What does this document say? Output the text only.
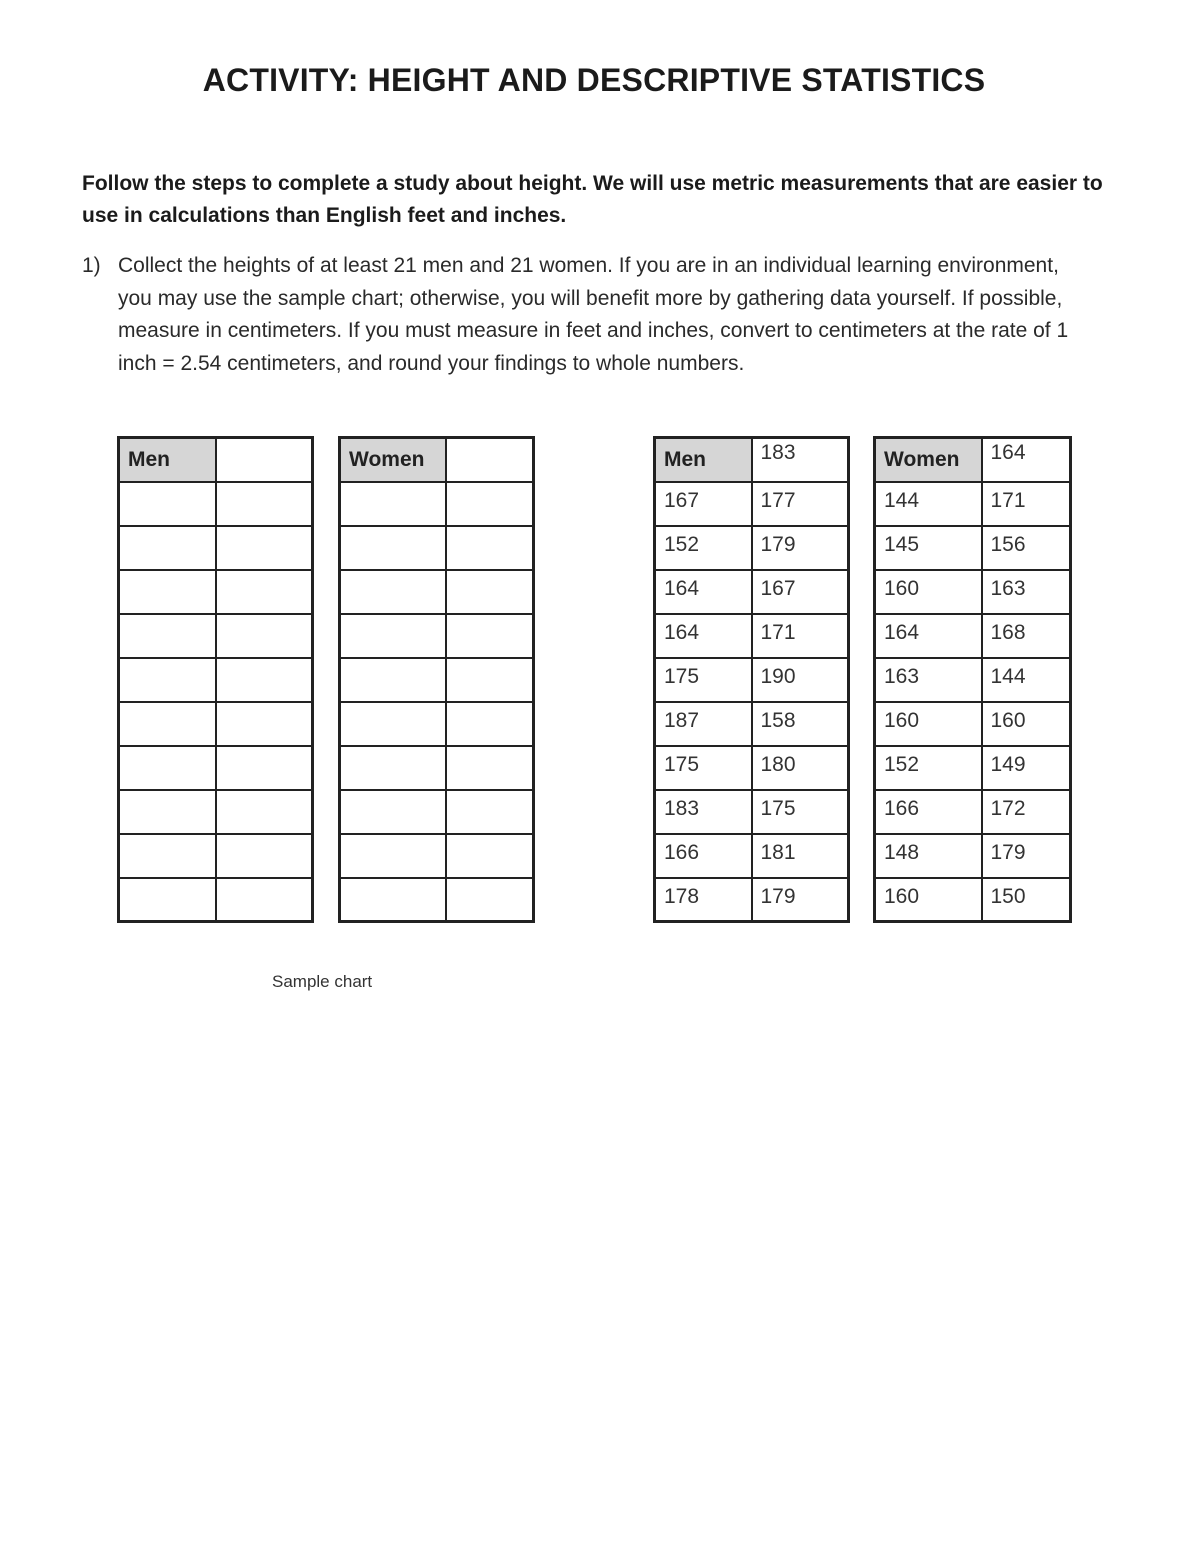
ACTIVITY: HEIGHT AND DESCRIPTIVE STATISTICS
Follow the steps to complete a study about height. We will use metric measurements that are easier to use in calculations than English feet and inches.
1) Collect the heights of at least 21 men and 21 women. If you are in an individual learning environment, you may use the sample chart; otherwise, you will benefit more by gathering data yourself. If possible, measure in centimeters. If you must measure in feet and inches, convert to centimeters at the rate of 1 inch = 2.54 centimeters, and round your findings to whole numbers.
Men	

		Women	

Sample chart
Men	183
167	177
152	179
164	167
164	171
175	190
187	158
175	180
183	175
166	181
178	179
Women	164
144	171
145	156
160	163
164	168
163	144
160	160
152	149
166	172
148	179
160	150
